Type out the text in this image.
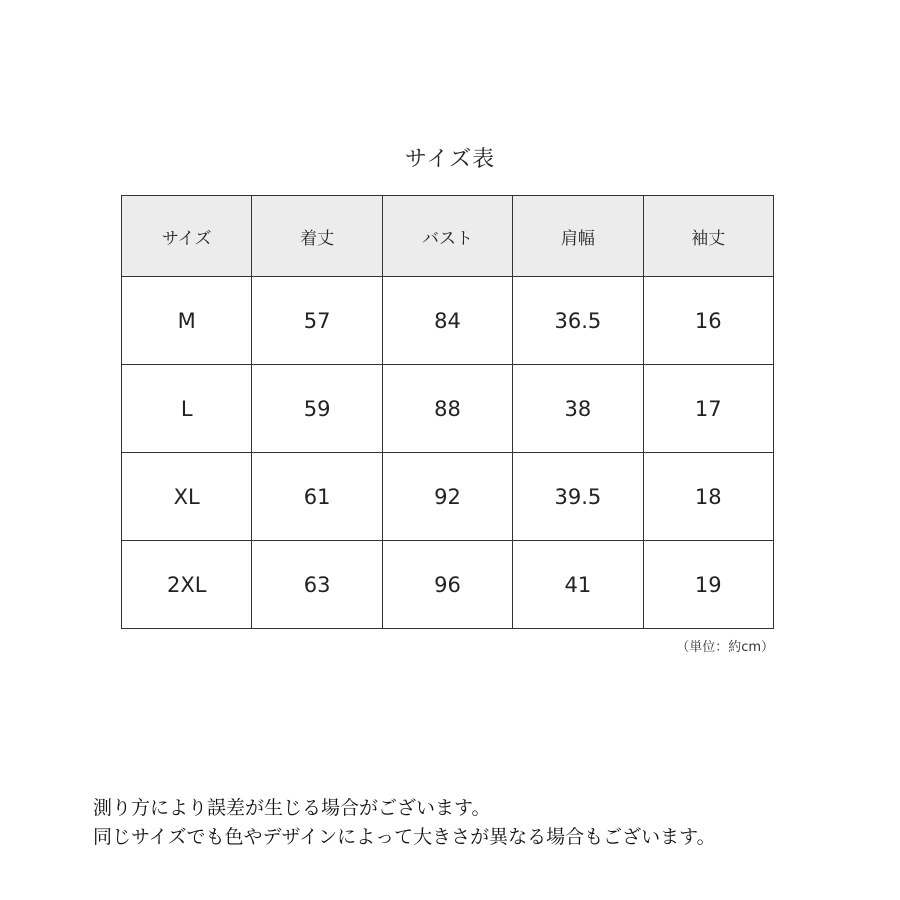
サイズ表
サイズ	着丈	バスト	肩幅	袖丈
M	57	84	36.5	16
L	59	88	38	17
XL	61	92	39.5	18
2XL	63	96	41	19
（単位：約cm）
測り方により誤差が生じる場合がございます。
同じサイズでも色やデザインによって大きさが異なる場合もございます。
